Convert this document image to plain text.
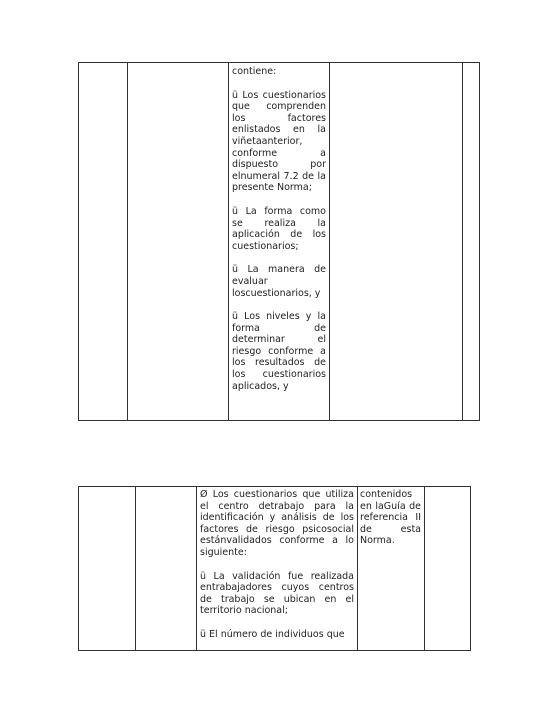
contiene:

ü Los cuestionarios que comprenden los factores enlistados en la viñetaanterior, conforme a dispuesto por elnumeral 7.2 de la presente Norma;

ü La forma como se realiza la aplicación de los cuestionarios;

ü La manera de evaluar loscuestionarios, y

ü Los niveles y la forma de determinar el riesgo conforme a los resultados de los cuestionarios aplicados, y

Ø Los cuestionarios que utiliza el centro detrabajo para la identificación y análisis de los factores de riesgo psicosocial estánvalidados conforme a lo siguiente:

ü La validación fue realizada entrabajadores cuyos centros de trabajo se ubican en el territorio nacional;

ü El número de individuos que

contenidos en laGuía de referencia II de esta Norma.
